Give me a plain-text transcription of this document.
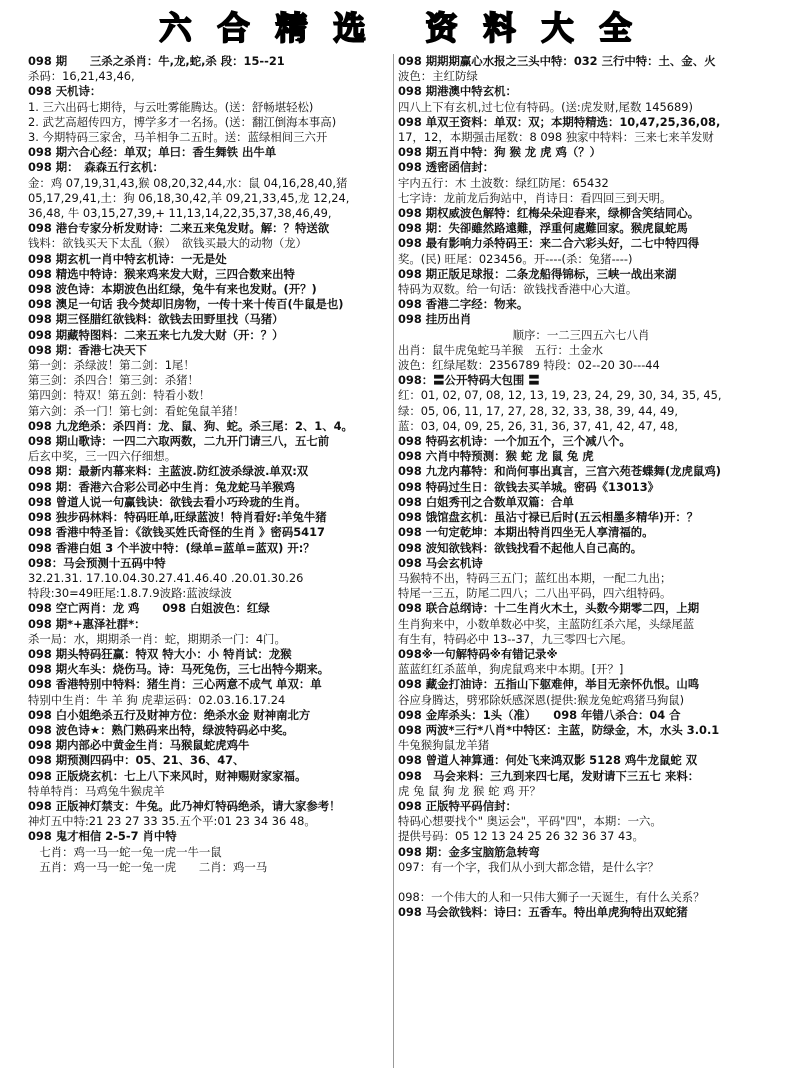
六 合 精 选 资 料 大 全
098 期　　三杀之杀肖：牛,龙,蛇,杀 段：15--21
杀码：16,21,43,46,
098 天机诗：
1. 三六出码七期待，与云吐雾能腾达。(送：舒畅堪轻松)
2. 武艺高超传四方，博学多才一名扬。(送：翻江倒海本事高)
3. 今期特码三家舍，马羊相争二五时。送：蓝绿相间三六开
098 期六合心经：单双；单曰：香生舞铁 出牛单
098 期：　森森五行玄机：
金：鸡 07,19,31,43,猴 08,20,32,44,水：鼠 04,16,28,40,猪
05,17,29,41,土：狗 06,18,30,42,羊 09,21,33,45,龙 12,24,
36,48, 牛 03,15,27,39,+ 11,13,14,22,35,37,38,46,49,
098 港台专家分析发财诗：二来五来兔发财。解：？特送欲
钱料：欲钱买天下太乱（猴）　欲钱买最大的动物（龙）
098 期玄机一肖中特玄机诗：一无是处
098 精选中特诗：猴来鸡来发大财，三四合数来出特
098 波色诗：本期波色出红绿，兔牛有来也发财。(开？)
098 澳足一句话 我今焚却旧房物，一传十来十传百(牛鼠是也)
098 期三怪腊红欲钱料：欲钱去田野里找（马猪）
098 期藏特图料：二来五来七九发大财（开：？）
098 期：香港七决天下
第一剑：杀绿波！第二剑：1尾！
第三剑：杀四合！第三剑：杀猪！
第四剑：特双！第五剑：特看小数！
第六剑：杀一门！第七剑：看蛇兔鼠羊猪！
098 九龙绝杀：杀四肖：龙、鼠、狗、蛇。杀三尾：2、1、4。
098 期山歌诗：一四二六取两数，二九开门请三八，五七前
后玄中奖，三一四六仔细想。
098 期：最新内幕来料：主蓝波.防红波杀绿波.单双:双
098 期：香港六合彩公司必中生肖：兔龙蛇马羊猴鸡
098 曾道人说一句赢钱诀：欲钱去看小巧玲珑的生肖。
098 独步码林料：特码旺单,旺绿蓝波！特肖看好:羊兔牛猪
098 香港中特圣旨：《欲钱买姓氏奇怪的生肖 》密码5417
098 香港白姐 3 个半波中特：(绿单=蓝单=蓝双) 开:？
098：马会预测十五码中特
32.21.31. 17.10.04.30.27.41.46.40 .20.01.30.26
特段:30=49旺尾:1.8.7.9波路:蓝波绿波
098 空亡两肖：龙 鸡　　098 白姐波色：红绿
098 期*+惠泽社群*：
杀一局：水，期期杀一肖：蛇，期期杀一门：4门。
098 期头特码狂赢：特双 特大小：小 特肖试：龙猴
098 期火车头：烧伤马。诗：马死兔伤，三七出特今期来。
098 香港特别中特料：猪生肖：三心两意不成气 单双：单
特别中生肖：牛 羊 狗 虎辈运码：02.03.16.17.24
098 白小姐绝杀五行及财神方位：绝杀水金 财神南北方
098 波色诗★：熟门熟码来出特，绿波特码必中奖。
098 期内部必中黄金生肖：马猴鼠蛇虎鸡牛
098 期预测四码中：05、21、36、47、
098 正版烧玄机：七上八下来风时，财神赐财家家福。
特单特肖：马鸡兔牛猴虎羊
098 正版神灯禁支：牛兔。此乃神灯特码绝杀，请大家参考！
神灯五中特:21 23 27 33 35.五个平:01 23 34 36 48。
098 鬼才相信 2-5-7 肖中特
　七肖：鸡一马一蛇一兔一虎一牛一鼠
　五肖：鸡一马一蛇一兔一虎　　二肖：鸡一马
098 期期期赢心水报之三头中特：032 三行中特：土、金、火
波色：主红防绿
098 期港澳中特玄机：
四八上下有玄机,过七位有特码。(送:虎发财,尾数 145689)
098 单双王资料：单双：双；本期特精选：10,47,25,36,08,
17，12，本期强击尾数：8 098 独家中特料：三来七来羊发财
098 期五肖中特：狗 猴 龙 虎 鸡（？）
098 透密函信封：
宇内五行：木 土波数：绿红防尾：65432
七字诗：龙前龙后狗站中，肖诗日：看四回三到天明。
098 期权威波色解特：红梅朵朵迎春来，绿柳含笑结同心。
098 期：失卻雖然路遠難，浮重何處難回家。猴虎鼠蛇馬
098 最有影响力杀特码王：来二合六彩头好，二七中特四得
奖。(民) 旺尾：023456。开----(杀：兔猪----)
098 期正版足球报：二条龙船得锦标，三峡一战出来湖
特码为双数。给一句话：欲钱找香港中心大道。
098 香港二字经：物来。
098 挂历出肖
顺序：一二三四五六七八肖
出肖：鼠牛虎兔蛇马羊猴　五行：土金水
波色：红绿尾数：2356789 特段：02--20 30---44
098：〓公开特码大包围 〓
红：01, 02, 07, 08, 12, 13, 19, 23, 24, 29, 30, 34, 35, 45,
绿：05, 06, 11, 17, 27, 28, 32, 33, 38, 39, 44, 49,
蓝：03, 04, 09, 25, 26, 31, 36, 37, 41, 42, 47, 48,
098 特码玄机诗：一个加五个，三个减八个。
098 六肖中特预测：猴 蛇 龙 鼠 兔 虎
098 九龙内幕特：和尚何事出真言，三宫六苑苍蝶舞(龙虎鼠鸡)
098 特码过生日：欲钱去买羊城。密码《13013》
098 白姐秀刊之合数单双篇：合单
098 饿馆盘玄机：虽沾寸禄已后时(五云相墨多精华)开：？
098 一句定乾坤：本期出特肖四坐无人享清福的。
098 波知欲钱料：欲钱找看不起他人自己高的。
098 马会玄机诗
马猴特不出，特码三五门；蓝红出本期，一配二九出；
特尾一三五，防尾二四八；二八出平码，四六组特码。
098 联合总纲诗：十二生肖火木土，头数今期零二四，上期
生肖狗来中，小数单数必中奖，主蓝防红杀六尾，头绿尾蓝
有生有，特码必中 13--37，九三零四七六尾。
098※一句解特码※有错记录※
蓝蓝红红杀蓝单，狗虎鼠鸡来中本期。[开？]
098 藏金打油诗：五指山下躯难伸，举目无亲怀仇恨。山鸣
谷应身腾达，劈邪除妖感深恩(提供:猴龙兔蛇鸡猪马狗鼠)
098 金库杀头：1头（准）　　098 年错八杀合：04 合
098 两波*三行*八肖*中特区：主蓝，防绿金，木，水头 3.0.1
牛兔猴狗鼠龙羊猪
098 曾道人神算通：何处飞来鸿双影 5128 鸡牛龙鼠蛇 双
098　马会来料：三九到来四七尾，发财请下三五七 来料：
虎 兔 鼠 狗 龙 猴 蛇 鸡 开？
098 正版特平码信封：
特码心想要找个" 奥运会"，平码"四"，本期：一六。
提供号码：05 12 13 24 25 26 32 36 37 43。
098 期：金多宝脑筋急转弯
097：有一个字，我们从小到大都念错，是什么字？

098：一个伟大的人和一只伟大狮子一天诞生，有什么关系？
098 马会欲钱料：诗曰：五香车。特出单虎狗特出双蛇猪
